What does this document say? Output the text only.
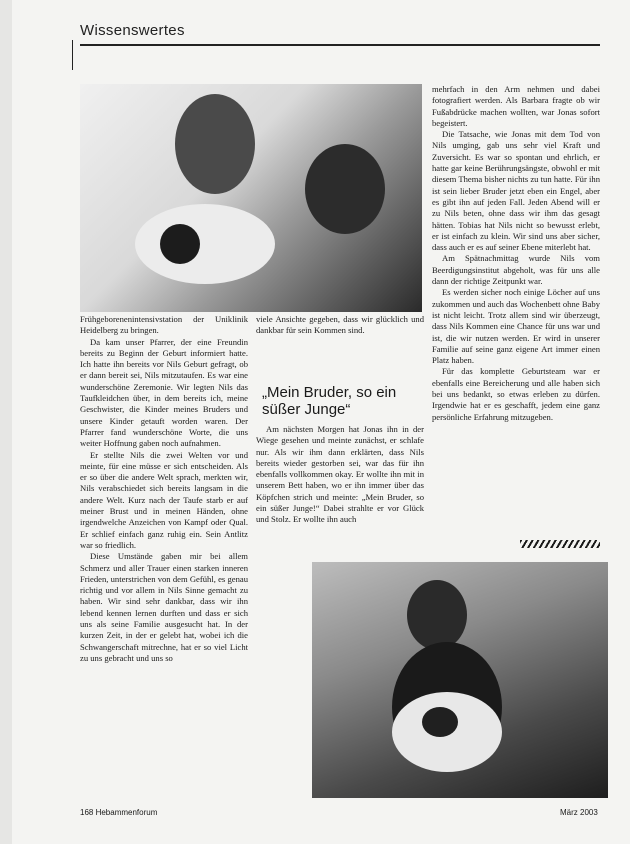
Wissenswertes

Frühgeborenenintensivstation der Uniklinik Heidelberg zu bringen.

Da kam unser Pfarrer, der eine Freundin bereits zu Beginn der Geburt informiert hatte. Ich hatte ihn bereits vor Nils Geburt gefragt, ob er dann bereit sei, Nils mitzutaufen. Es war eine wunderschöne Zeremonie. Wir legten Nils das Taufkleidchen über, in dem bereits ich, meine Geschwister, die Kinder meines Bruders und unsere Kinder getauft worden waren. Der Pfarrer fand wunderschöne Worte, die uns weiter Hoffnung gaben noch aufnahmen.

Er stellte Nils die zwei Welten vor und meinte, für eine müsse er sich entscheiden. Als er so über die andere Welt sprach, merkten wir, Nils verabschiedet sich bereits langsam in die andere Welt. Kurz nach der Taufe starb er auf meiner Brust und in meinen Händen, ohne irgendwelche Anzeichen von Kampf oder Qual. Er schlief einfach ganz ruhig ein. Sein Antlitz war so friedlich.

Diese Umstände gaben mir bei allem Schmerz und aller Trauer einen starken inneren Frieden, unterstrichen von dem Gefühl, es genau richtig und vor allem in Nils Sinne gemacht zu haben. Wir sind sehr dankbar, dass wir ihn lebend kennen lernen durften und dass er sich uns als seine Familie ausgesucht hat. In der kurzen Zeit, in der er gelebt hat, wobei ich die Schwangerschaft mitrechne, hat er so viel Licht zu uns gebracht und uns so

viele Ansichte gegeben, dass wir glücklich und dankbar für sein Kommen sind.

„Mein Bruder, so ein süßer Junge“

Am nächsten Morgen hat Jonas ihn in der Wiege gesehen und meinte zunächst, er schlafe nur. Als wir ihm dann erklärten, dass Nils bereits wieder gestorben sei, war das für ihn ebenfalls vollkommen okay. Er wollte ihn mit in unserem Bett haben, wo er ihn immer über das Köpfchen strich und meinte: „Mein Bruder, so ein süßer Junge!“ Dabei strahlte er vor Glück und Stolz. Er wollte ihn auch

mehrfach in den Arm nehmen und dabei fotografiert werden. Als Barbara fragte ob wir Fußabdrücke machen wollten, war Jonas sofort begeistert.

Die Tatsache, wie Jonas mit dem Tod von Nils umging, gab uns sehr viel Kraft und Zuversicht. Es war so spontan und ehrlich, er hatte gar keine Berührungsängste, obwohl er mit diesem Thema bisher nichts zu tun hatte. Für ihn ist sein lieber Bruder jetzt eben ein Engel, aber es gibt ihn auf jeden Fall. Jeden Abend will er zu Nils beten, ohne dass wir ihm das gesagt hätten. Tobias hat Nils nicht so bewusst erlebt, er ist einfach zu klein. Wir sind uns aber sicher, dass auch er es auf seiner Ebene miterlebt hat.

Am Spätnachmittag wurde Nils vom Beerdigungsinstitut abgeholt, was für uns alle dann der richtige Zeitpunkt war.

Es werden sicher noch einige Löcher auf uns zukommen und auch das Wochenbett ohne Baby ist nicht leicht. Trotz allem sind wir überzeugt, dass Nils Kommen eine Chance für uns war und ist, die wir nutzen werden. Er wird in unserer Familie auf seine ganz eigene Art immer einen Platz haben.

Für das komplette Geburtsteam war er ebenfalls eine Bereicherung und alle haben sich bei uns bedankt, so etwas erleben zu dürfen. Irgendwie hat er es geschafft, jedem eine ganz persönliche Erfahrung mitzugeben.

168 Hebammenforum	März 2003
